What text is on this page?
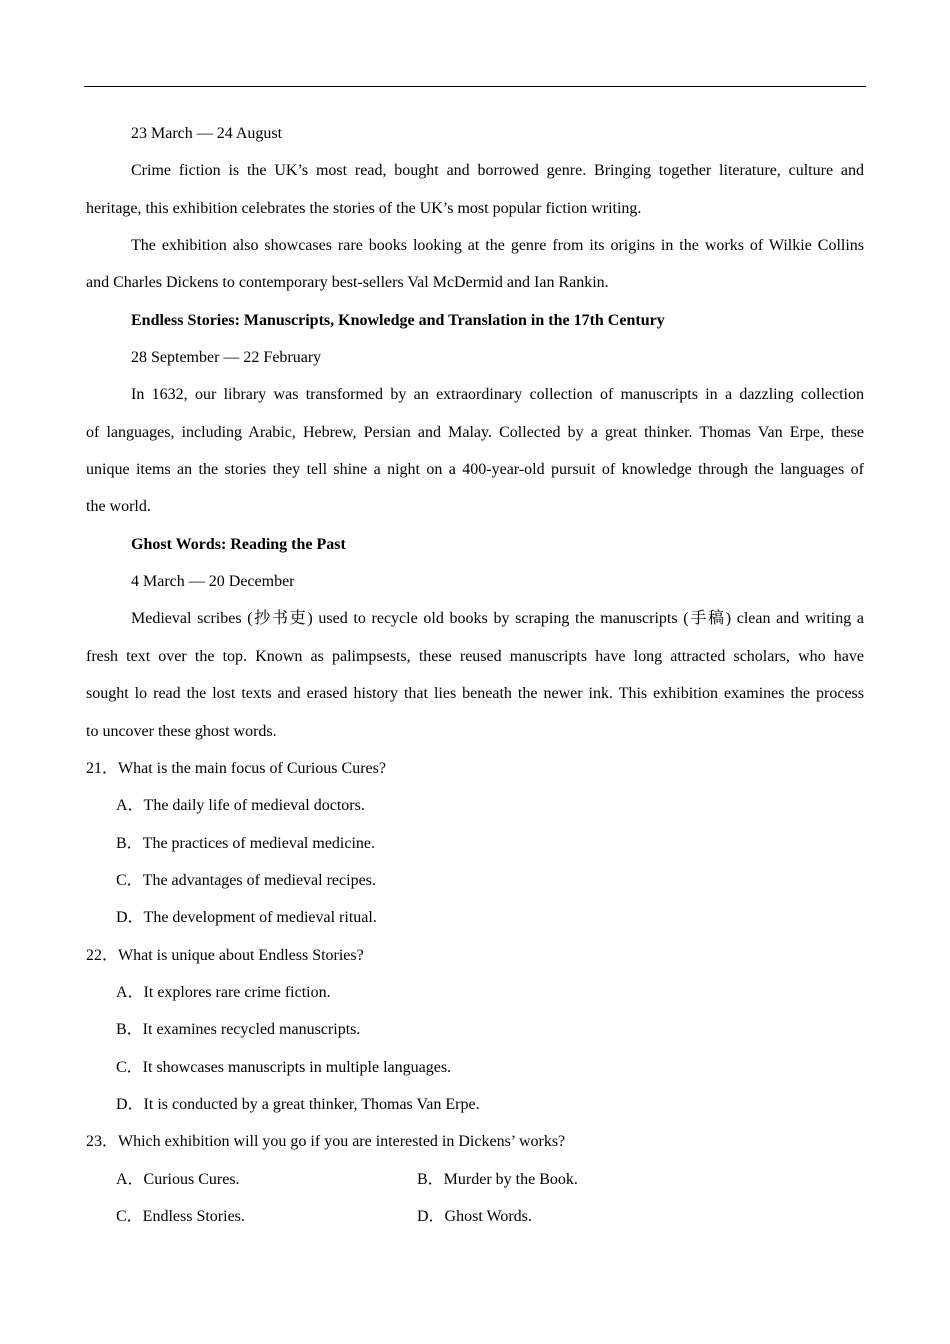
23 March — 24 August
Crime fiction is the UK’s most read, bought and borrowed genre. Bringing together literature, culture and
heritage, this exhibition celebrates the stories of the UK’s most popular fiction writing.
The exhibition also showcases rare books looking at the genre from its origins in the works of Wilkie Collins
and Charles Dickens to contemporary best-sellers Val McDermid and Ian Rankin.
Endless Stories: Manuscripts, Knowledge and Translation in the 17th Century
28 September — 22 February
In 1632, our library was transformed by an extraordinary collection of manuscripts in a dazzling collection
of languages, including Arabic, Hebrew, Persian and Malay. Collected by a great thinker. Thomas Van Erpe, these
unique items an the stories they tell shine a night on a 400-year-old pursuit of knowledge through the languages of
the world.
Ghost Words: Reading the Past
4 March — 20 December
Medieval scribes (抄书吏) used to recycle old books by scraping the manuscripts (手稿) clean and writing a
fresh text over the top. Known as palimpsests, these reused manuscripts have long attracted scholars, who have
sought lo read the lost texts and erased history that lies beneath the newer ink. This exhibition examines the process
to uncover these ghost words.
21．What is the main focus of Curious Cures?
A．The daily life of medieval doctors.
B．The practices of medieval medicine.
C．The advantages of medieval recipes.
D．The development of medieval ritual.
22．What is unique about Endless Stories?
A．It explores rare crime fiction.
B．It examines recycled manuscripts.
C．It showcases manuscripts in multiple languages.
D．It is conducted by a great thinker, Thomas Van Erpe.
23．Which exhibition will you go if you are interested in Dickens’ works?
A．Curious Cures.	B．Murder by the Book.
C．Endless Stories.	D．Ghost Words.
